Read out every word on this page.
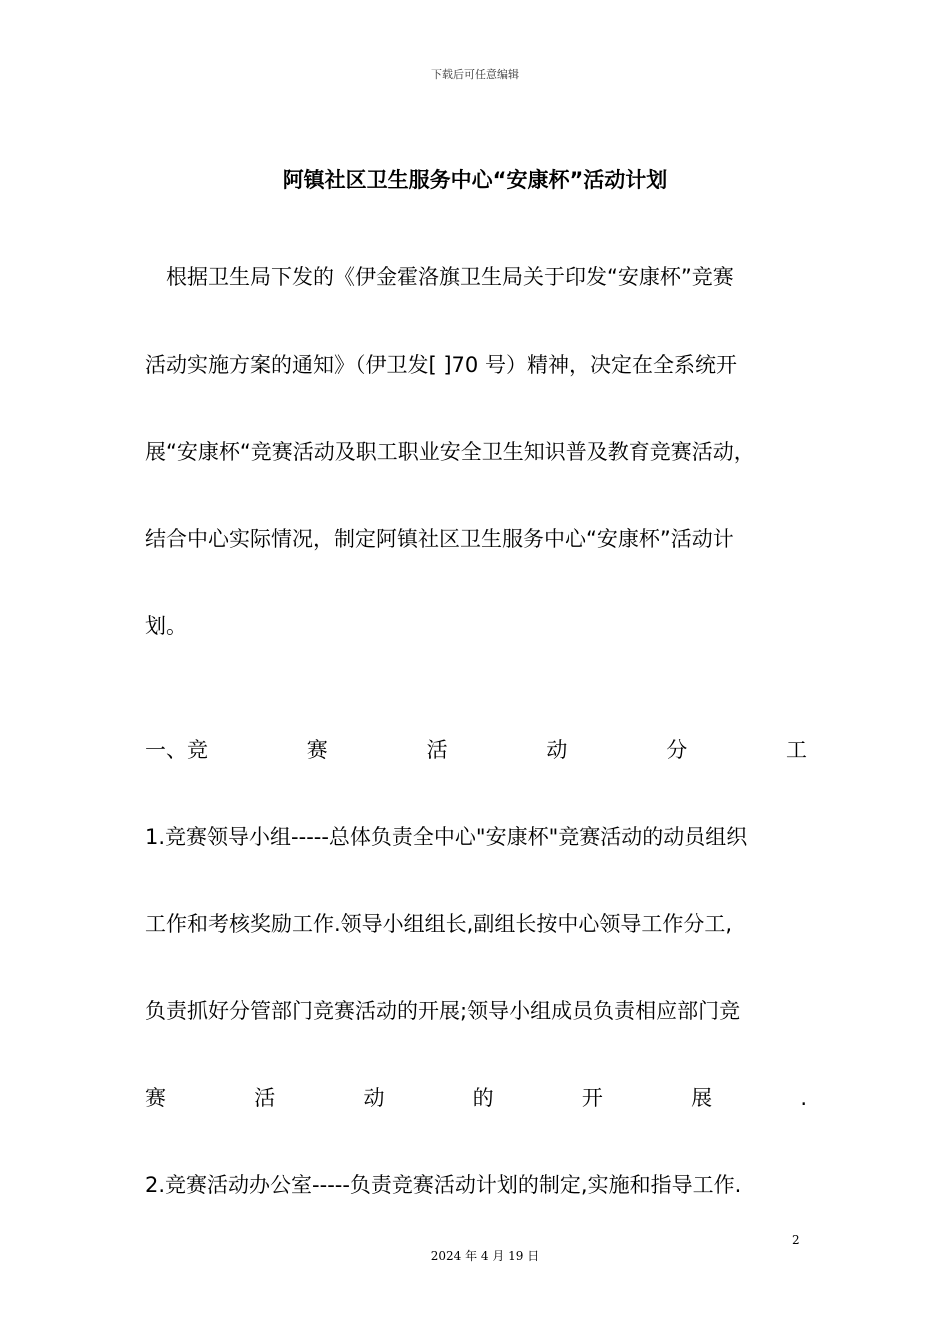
下载后可任意编辑
阿镇社区卫生服务中心“安康杯”活动计划
　根据卫生局下发的《伊金霍洛旗卫生局关于印发“安康杯”竞赛
活动实施方案的通知》（伊卫发[ ]70 号）精神，决定在全系统开
展“安康杯“竞赛活动及职工职业安全卫生知识普及教育竞赛活动，
结合中心实际情况，制定阿镇社区卫生服务中心“安康杯”活动计
划。
一、竞	赛	活	动	分	工
1.竞赛领导小组-----总体负责全中心"安康杯"竞赛活动的动员组织
工作和考核奖励工作.领导小组组长,副组长按中心领导工作分工,
负责抓好分管部门竞赛活动的开展;领导小组成员负责相应部门竞
赛	活	动	的	开	展	.
2.竞赛活动办公室-----负责竞赛活动计划的制定,实施和指导工作.
2
2024 年 4 月 19 日
